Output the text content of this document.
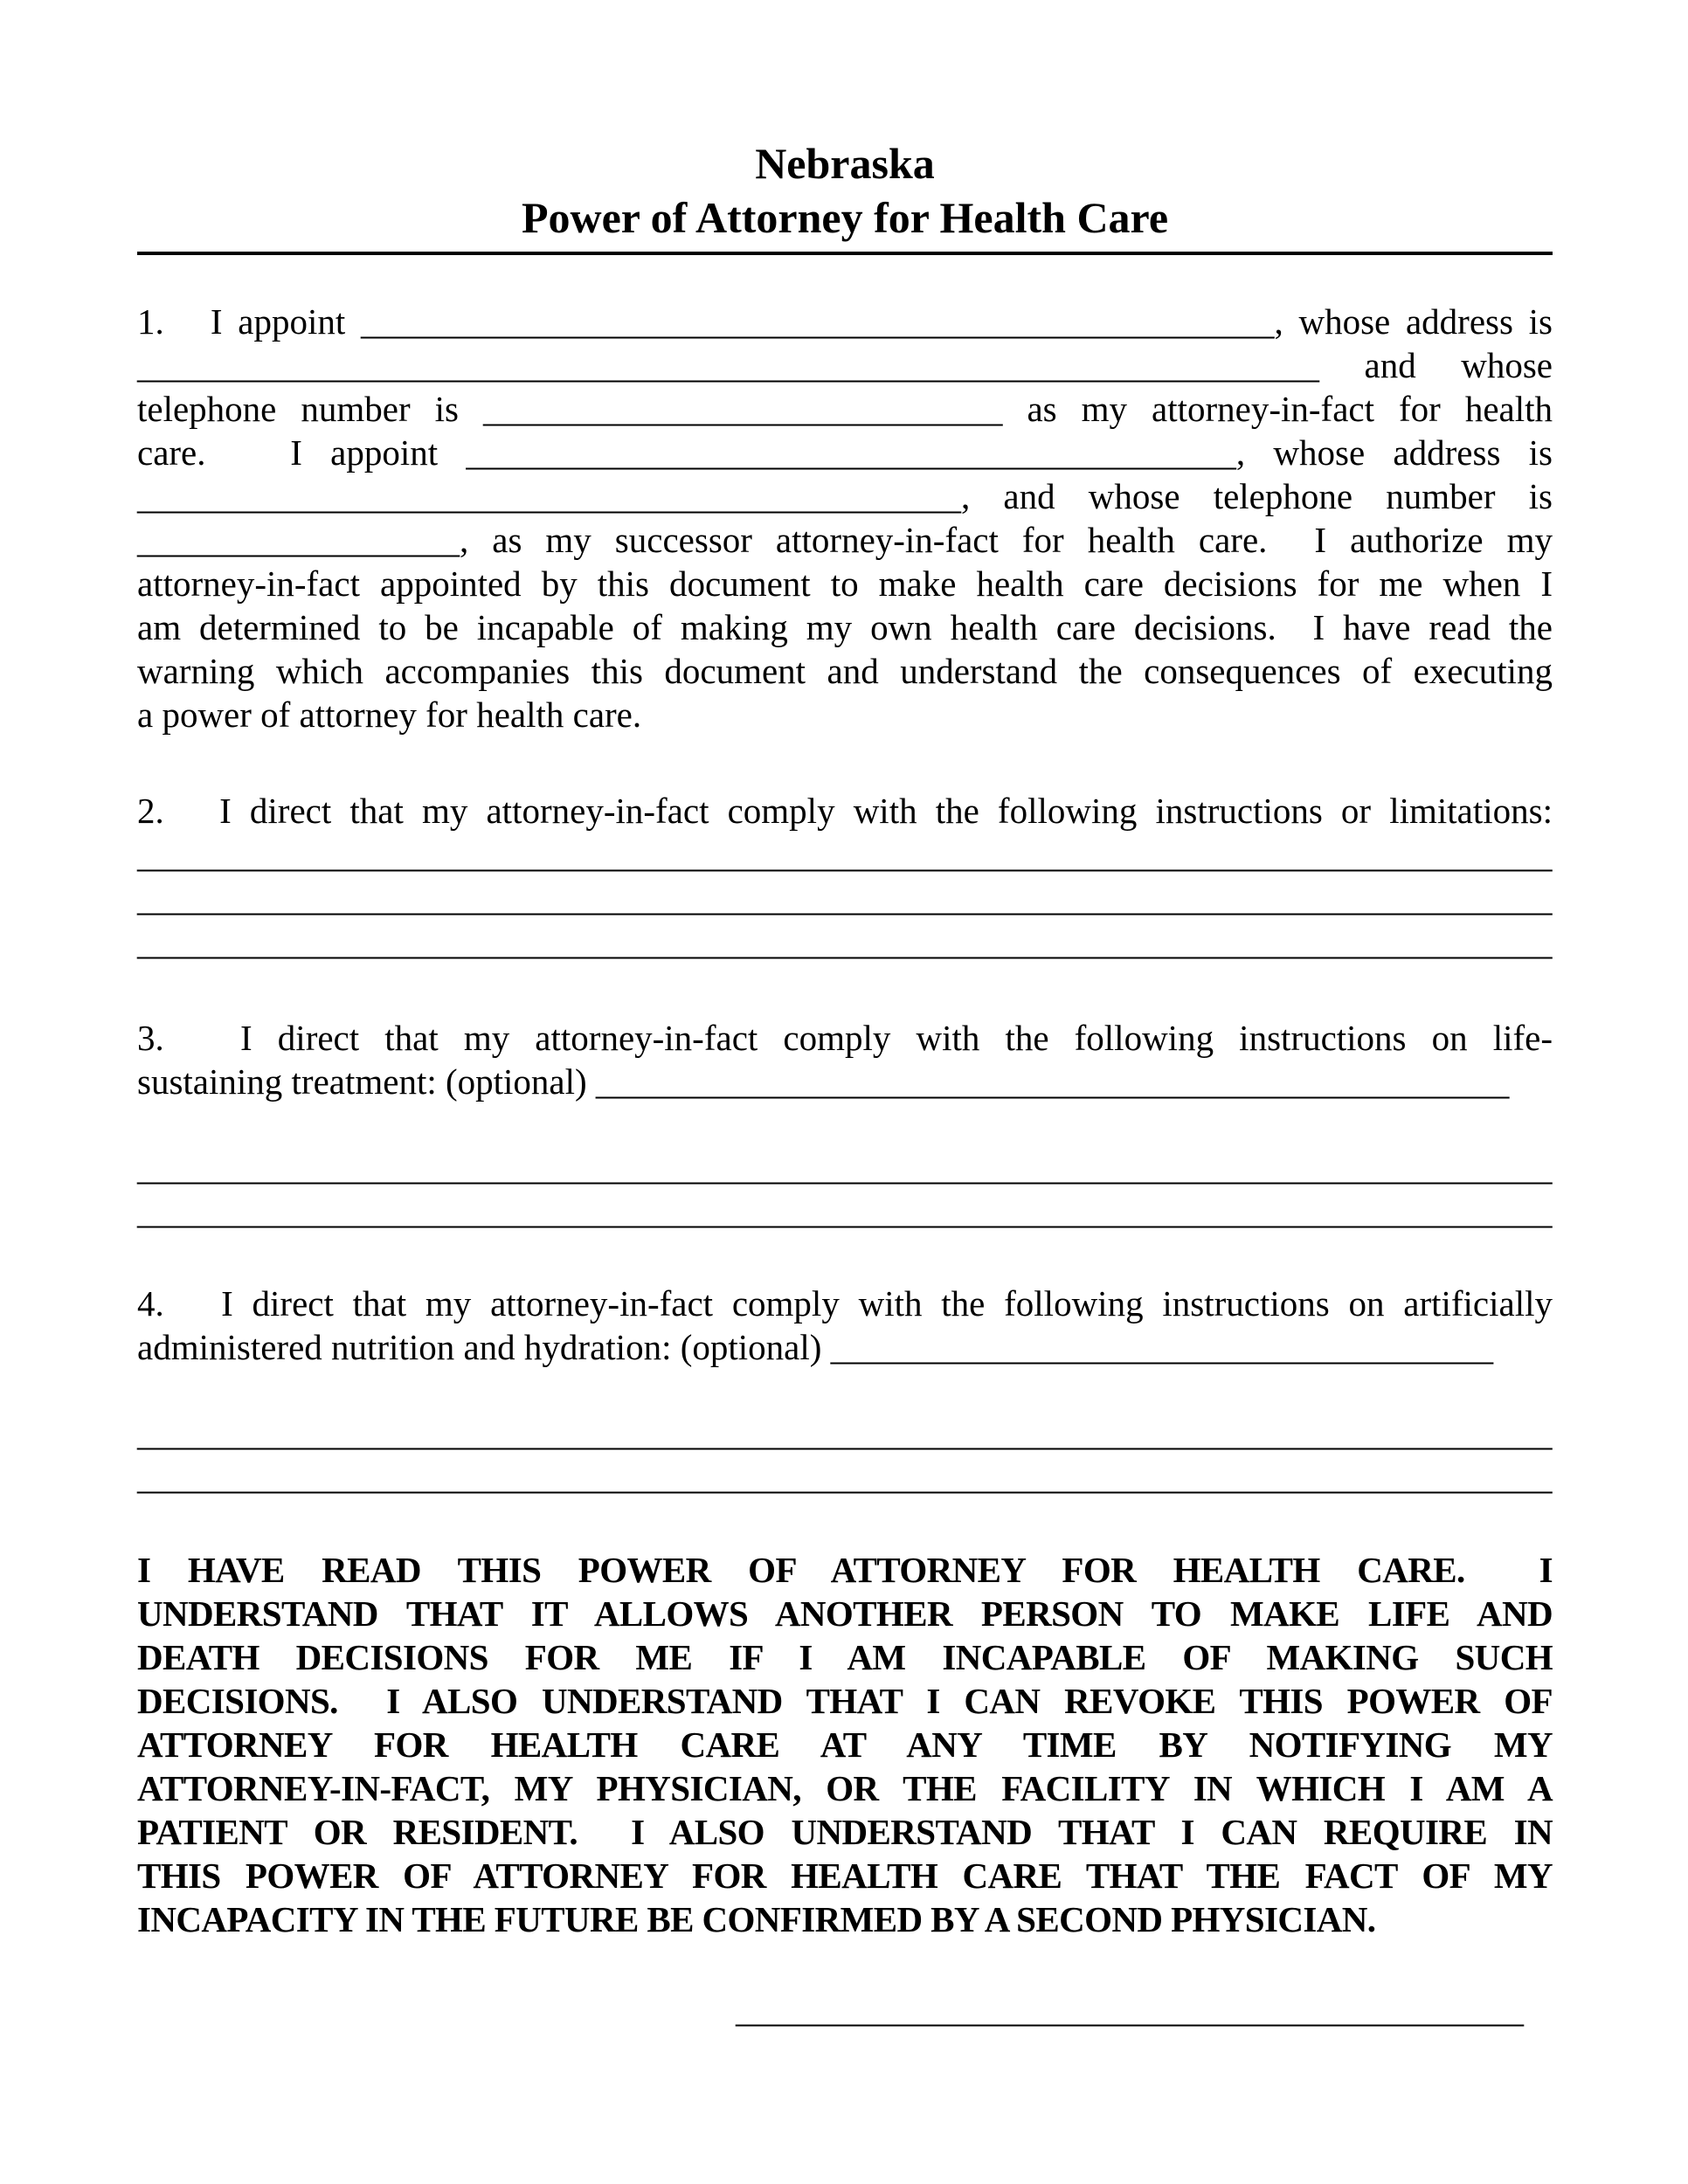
Nebraska
Power of Attorney for Health Care
1.   I appoint ___________________________________________________, whose address is
__________________________________________________________________ and whose
telephone number is _____________________________ as my attorney-in-fact for health
care.   I appoint ___________________________________________, whose address is
______________________________________________, and whose telephone number is
__________________, as my successor attorney-in-fact for health care.  I authorize my
attorney-in-fact appointed by this document to make health care decisions for me when I
am determined to be incapable of making my own health care decisions.  I have read the
warning which accompanies this document and understand the consequences of executing
a power of attorney for health care.
2.   I direct that my attorney-in-fact comply with the following instructions or limitations:
_______________________________________________________________________________
_______________________________________________________________________________
_______________________________________________________________________________
3.   I direct that my attorney-in-fact comply with the following instructions on life-
sustaining treatment: (optional) ___________________________________________________
_______________________________________________________________________________
_______________________________________________________________________________
4.   I direct that my attorney-in-fact comply with the following instructions on artificially
administered nutrition and hydration: (optional) _____________________________________
_______________________________________________________________________________
_______________________________________________________________________________
I HAVE READ THIS POWER OF ATTORNEY FOR HEALTH CARE.  I
UNDERSTAND THAT IT ALLOWS ANOTHER PERSON TO MAKE LIFE AND
DEATH DECISIONS FOR ME IF I AM INCAPABLE OF MAKING SUCH
DECISIONS.  I ALSO UNDERSTAND THAT I CAN REVOKE THIS POWER OF
ATTORNEY FOR HEALTH CARE AT ANY TIME BY NOTIFYING MY
ATTORNEY-IN-FACT, MY PHYSICIAN, OR THE FACILITY IN WHICH I AM A
PATIENT OR RESIDENT.  I ALSO UNDERSTAND THAT I CAN REQUIRE IN
THIS POWER OF ATTORNEY FOR HEALTH CARE THAT THE FACT OF MY
INCAPACITY IN THE FUTURE BE CONFIRMED BY A SECOND PHYSICIAN.
____________________________________________
